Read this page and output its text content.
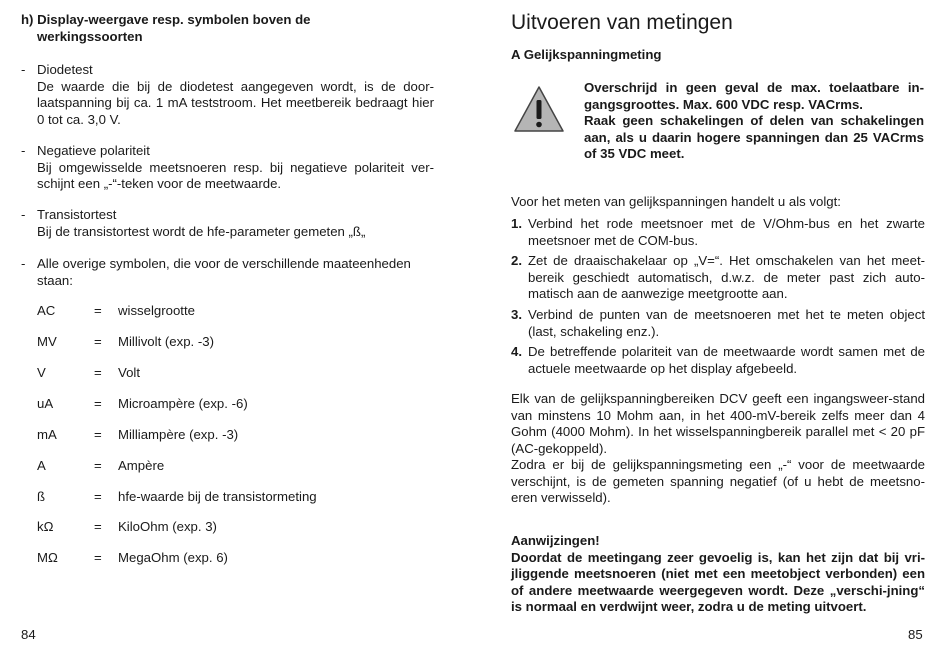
h) Display-weergave resp. symbolen boven de
werkingssoorten
- Diodetest
De waarde die bij de diodetest aangegeven wordt, is de door-laatspanning bij ca. 1 mA teststroom. Het meetbereik bedraagt hier 0 tot ca. 3,0 V.
- Negatieve polariteit
Bij omgewisselde meetsnoeren resp. bij negatieve polariteit ver-schijnt een „-“-teken voor de meetwaarde.
- Transistortest
Bij de transistortest wordt de hfe-parameter gemeten „ß„
- Alle overige symbolen, die voor de verschillende maateenheden
staan:
AC	= wisselgrootte
MV	= Millivolt (exp. -3)
V	= Volt
uA	= Microampère (exp. -6)
mA	= Milliampère (exp. -3)
A	= Ampère
ß	= hfe-waarde bij de transistormeting
kΩ	= KiloOhm (exp. 3)
MΩ	= MegaOhm (exp. 6)
84
Uitvoeren van metingen
A Gelijkspanningmeting
Overschrijd in geen geval de max. toelaatbare in-gangsgroottes. Max. 600 VDC resp. VACrms.
Raak geen schakelingen of delen van schakelingen aan, als u daarin hogere spanningen dan 25 VACrms of 35 VDC meet.
Voor het meten van gelijkspanningen handelt u als volgt:
1. Verbind het rode meetsnoer met de V/Ohm-bus en het zwarte meetsnoer met de COM-bus.
2. Zet de draaischakelaar op „V=“. Het omschakelen van het meet-bereik geschiedt automatisch, d.w.z. de meter past zich auto-matisch aan de aanwezige meetgrootte aan.
3. Verbind de punten van de meetsnoeren met het te meten object (last, schakeling enz.).
4. De betreffende polariteit van de meetwaarde wordt samen met de actuele meetwaarde op het display afgebeeld.
Elk van de gelijkspanningbereiken DCV geeft een ingangsweer-stand van minstens 10 Mohm aan, in het 400-mV-bereik zelfs meer dan 4 Gohm (4000 Mohm). In het wisselspanningbereik parallel met < 20 pF (AC-gekoppeld).
Zodra er bij de gelijkspanningsmeting een „-“ voor de meetwaarde verschijnt, is de gemeten spanning negatief (of u hebt de meetsno-eren verwisseld).
Aanwijzingen!
Doordat de meetingang zeer gevoelig is, kan het zijn dat bij vri-jliggende meetsnoeren (niet met een meetobject verbonden) een of andere meetwaarde weergegeven wordt. Deze „verschi-jning“ is normaal en verdwijnt weer, zodra u de meting uitvoert.
85
